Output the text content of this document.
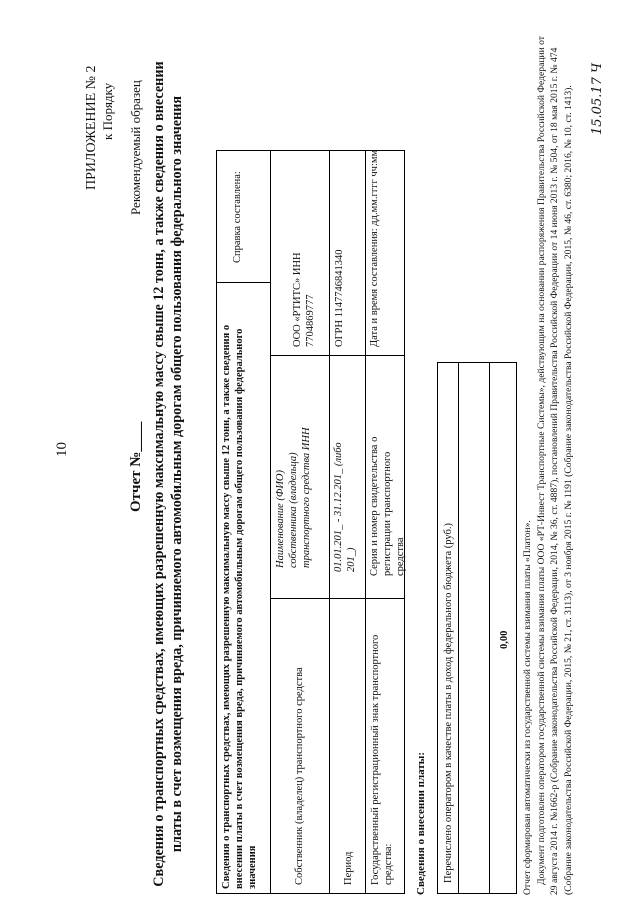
10
ПРИЛОЖЕНИЕ № 2 к Порядку Рекомендуемый образец
Отчет №____ Сведения о транспортных средствах, имеющих разрешенную максимальную массу свыше 12 тонн, а также сведения о внесении платы в счет возмещения вреда, причиняемого автомобильным дорогам общего пользования федерального значения	Сведения о транспортных средствах, имеющих разрешенную максимальную массу свыше 12 тонн, а также сведения о внесении платы в счет возмещения вреда, причиняемого автомобильным дорогам общего пользования федерального значения
Справка составлена:
Собственник (владелец) транспортного средства
Наименование (ФИО) собственника (владельца) транспортного средства ИНН
ООО «РТИТС» ИНН 7704869777
Период
01.01.201_ - 31.12.201_ (либо 201_)
ОГРН 1147746841340
Государственный регистрационный знак транспортного средства:
Серия и номер свидетельства о регистрации транспортного средства
Дата и время составления: дд.мм.гггг чч:мм
Сведения о внесении платы: Перечислено оператором в качестве платы в доход федерального бюджета (руб.)	0,00 Отчет сформирован автоматически из государственной системы взимания платы «Платон». Документ подготовлен оператором государственной системы взимания платы ООО «РТ-Инвест Транспортные Системы», действующим на основании распоряжения Правительства Российской Федерации от 29 августа 2014 г. №1662-р (Собрание законодательства Российской Федерации, 2014, № 36, ст. 4887), постановлений Правительства Российской Федерации от 14 июня 2013 г. № 504, от 18 мая 2015 г. № 474 (Собрание законодательства Российской Федерации, 2015, № 21, ст. 3113), от 3 ноября 2015 г. № 1191 (Собрание законодательства Российской Федерации, 2015, № 46, ст. 6380; 2016, № 10, ст. 1413). 15.05.17 Ч
